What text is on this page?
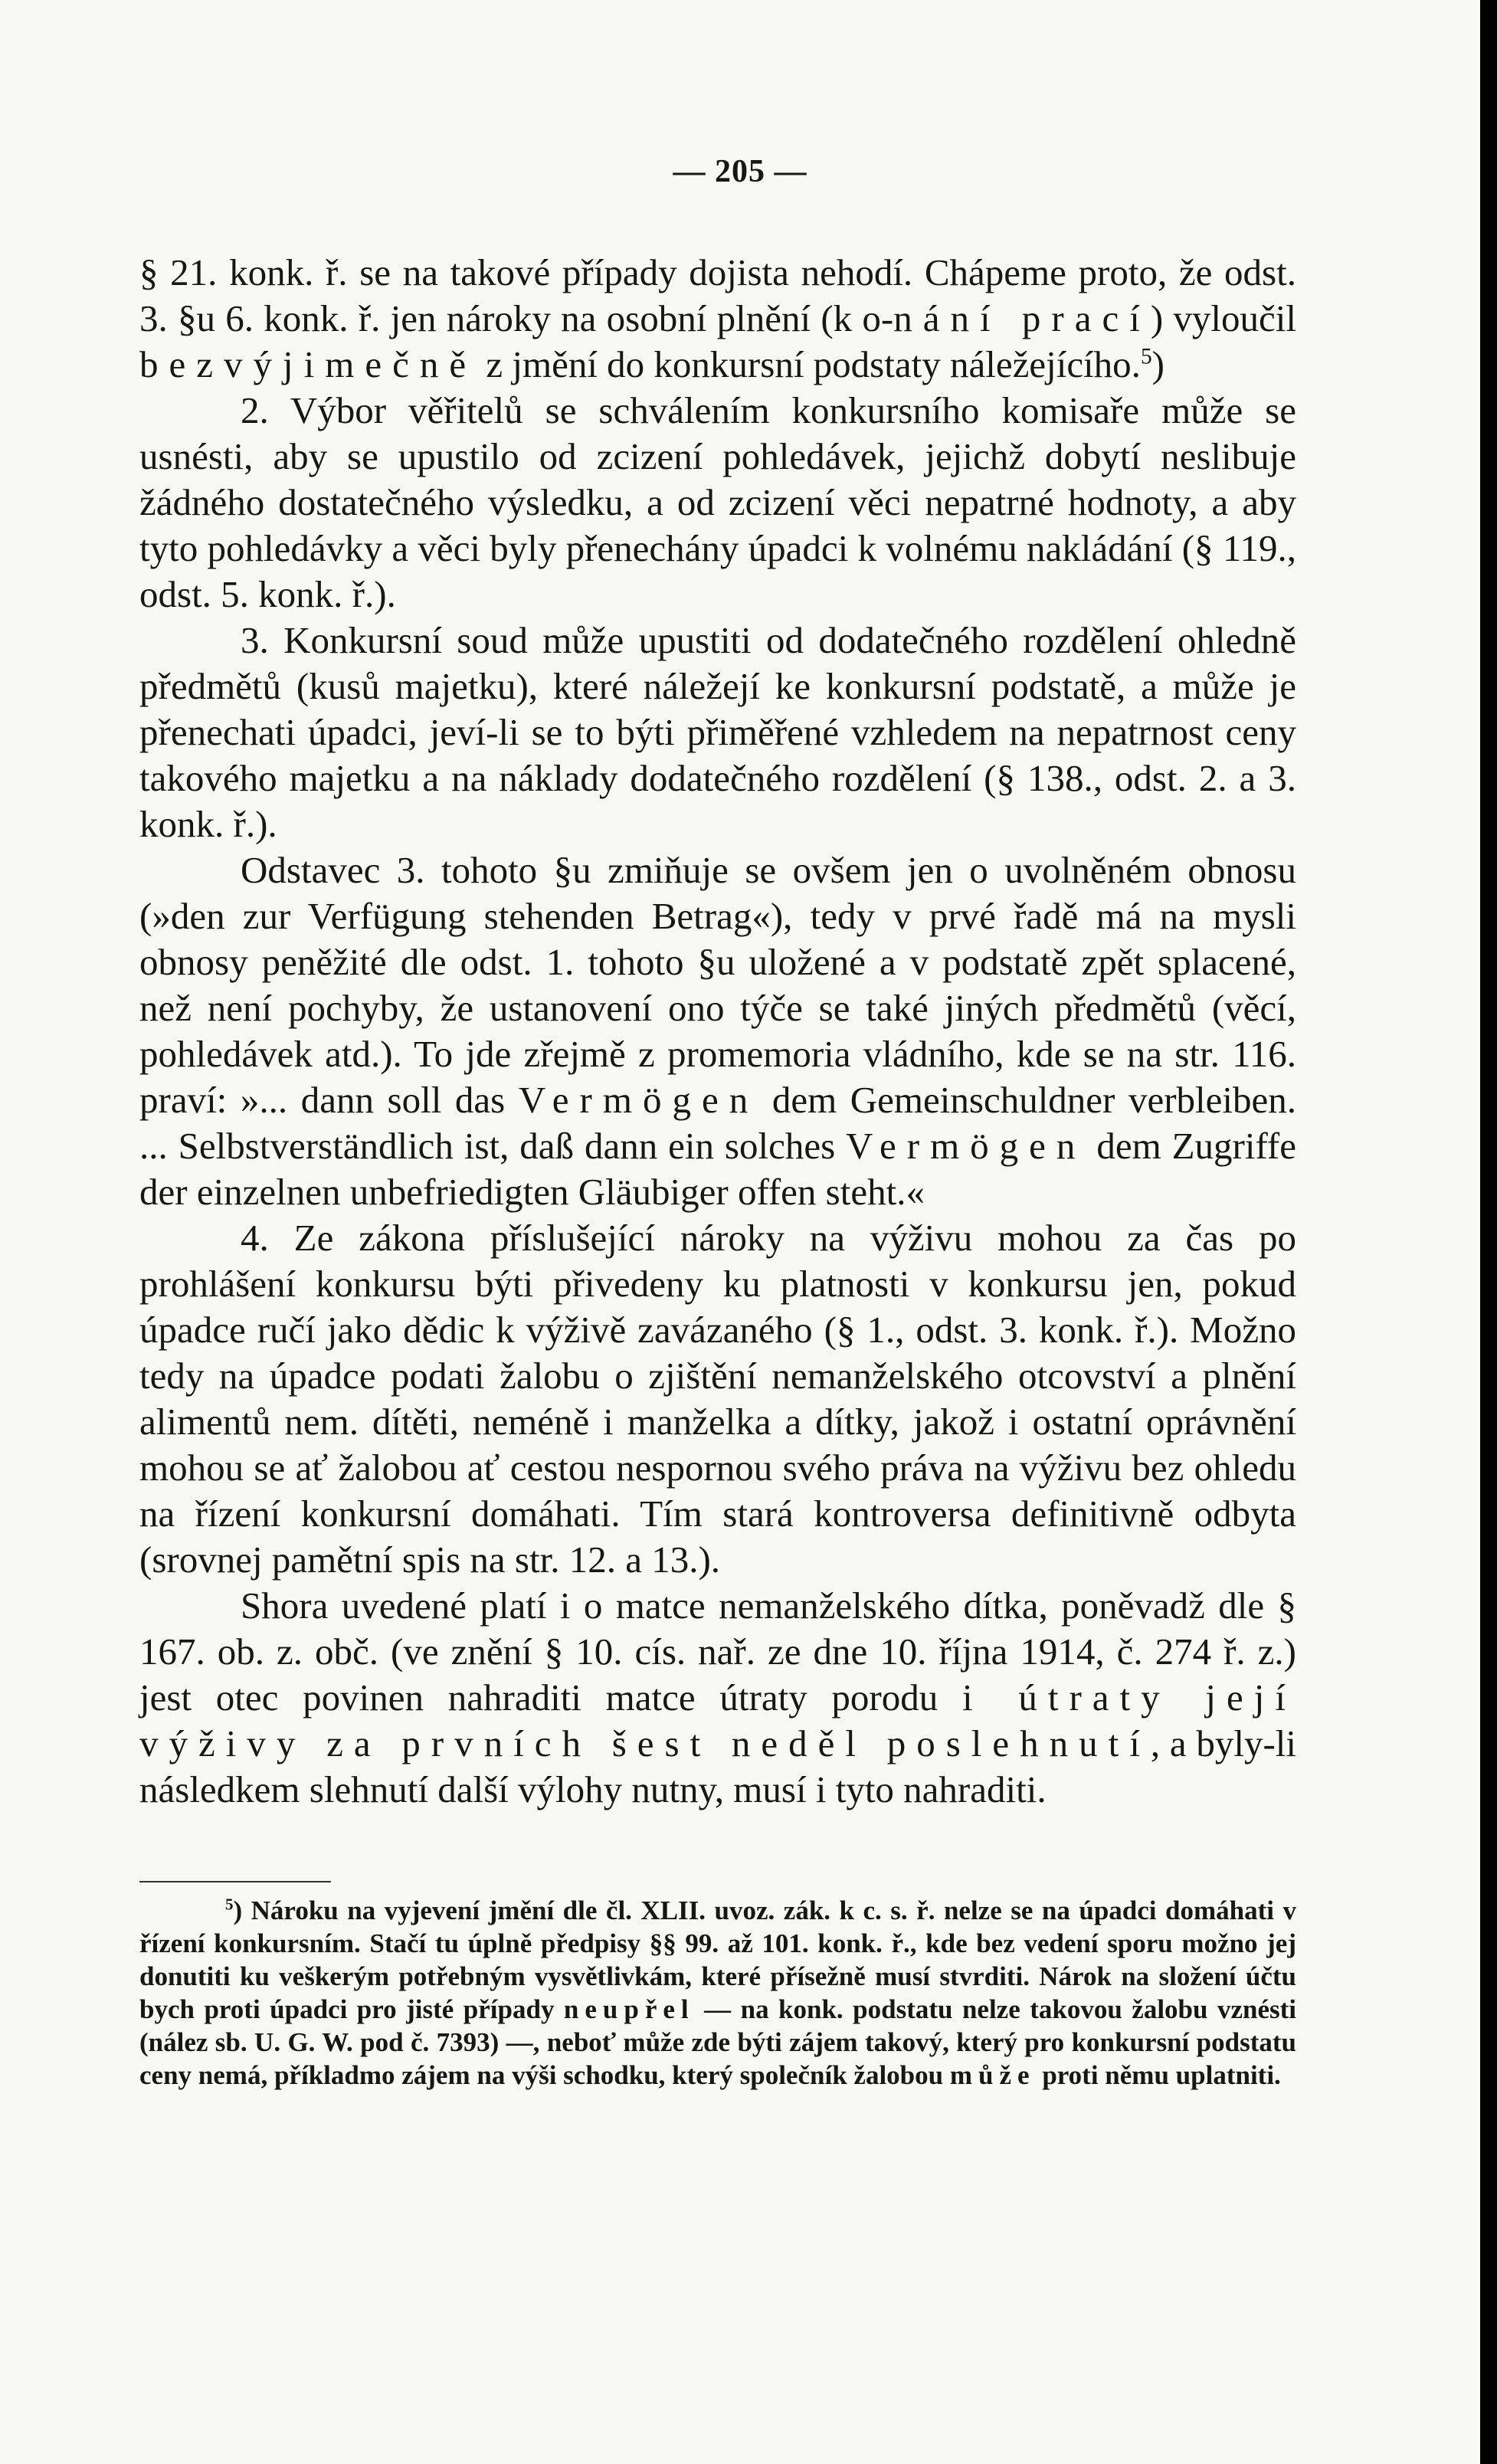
— 205 —

§ 21. konk. ř. se na takové případy dojista nehodí. Chápeme proto, že odst. 3. §u 6. konk. ř. jen nároky na osobní plnění (k o-nání prací) vyloučil bezvýjimečně z jmění do konkursní podstaty náležejícího.$^5$)

2. Výbor věřitelů se schválením konkursního komisaře může se usnésti, aby se upustilo od zcizení pohledávek, jejichž dobytí neslibuje žádného dostatečného výsledku, a od zcizení věci nepatrné hodnoty, a aby tyto pohledávky a věci byly přenechány úpadci k volnému nakládání (§ 119., odst. 5. konk. ř.).

3. Konkursní soud může upustiti od dodatečného rozdělení ohledně předmětů (kusů majetku), které náležejí ke konkursní podstatě, a může je přenechati úpadci, jeví-li se to býti přiměřené vzhledem na nepatrnost ceny takového majetku a na náklady dodatečného rozdělení (§ 138., odst. 2. a 3. konk. ř.).

Odstavec 3. tohoto §u zmiňuje se ovšem jen o uvolněném obnosu (»den zur Verfügung stehenden Betrag«), tedy v prvé řadě má na mysli obnosy peněžité dle odst. 1. tohoto §u uložené a v podstatě zpět splacené, než není pochyby, že ustanovení ono týče se také jiných předmětů (věcí, pohledávek atd.). To jde zřejmě z promemoria vládního, kde se na str. 116. praví: »... dann soll das Vermögen dem Gemeinschuldner verbleiben. ... Selbstverständlich ist, daß dann ein solches Vermögen dem Zugriffe der einzelnen unbefriedigten Gläubiger offen steht.«

4. Ze zákona příslušející nároky na výživu mohou za čas po prohlášení konkursu býti přivedeny ku platnosti v konkursu jen, pokud úpadce ručí jako dědic k výživě zavázaného (§ 1., odst. 3. konk. ř.). Možno tedy na úpadce podati žalobu o zjištění nemanželského otcovství a plnění alimentů nem. dítěti, neméně i manželka a dítky, jakož i ostatní oprávnění mohou se ať žalobou ať cestou nespornou svého práva na výživu bez ohledu na řízení konkursní domáhati. Tím stará kontroversa definitivně odbyta (srovnej pamětní spis na str. 12. a 13.).

Shora uvedené platí i o matce nemanželského dítka, poněvadž dle § 167. ob. z. obč. (ve znění § 10. cís. nař. ze dne 10. října 1914, č. 274 ř. z.) jest otec povinen nahraditi matce útraty porodu i útraty její výživy za prvních šest neděl poslehnutí, a byly-li následkem slehnutí další výlohy nutny, musí i tyto nahraditi.

$^5$) Nároku na vyjevení jmění dle čl. XLII. uvoz. zák. k c. s. ř. nelze se na úpadci domáhati v řízení konkursním. Stačí tu úplně předpisy §§ 99. až 101. konk. ř., kde bez vedení sporu možno jej donutiti ku veškerým potřebným vysvětlivkám, které přísežně musí stvrditi. Nárok na složení účtu bych proti úpadci pro jisté případy neupřel — na konk. podstatu nelze takovou žalobu vznésti (nález sb. U. G. W. pod č. 7393) —, neboť může zde býti zájem takový, který pro konkursní podstatu ceny nemá, příkladmo zájem na výši schodku, který společník žalobou může proti němu uplatniti.
